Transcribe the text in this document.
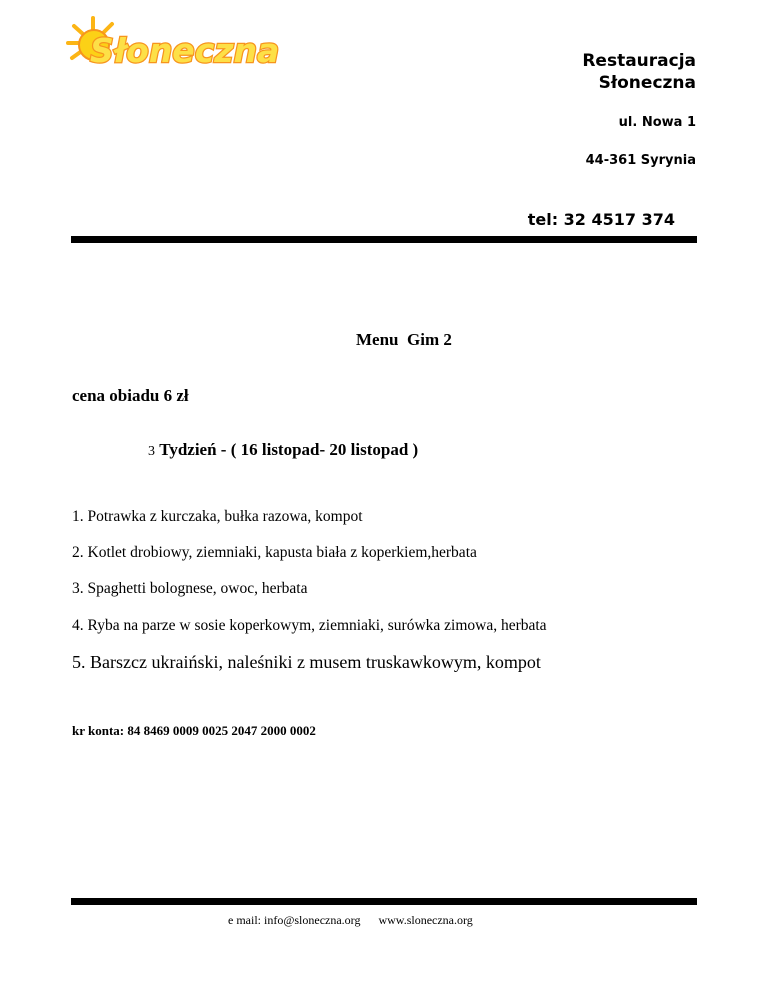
Słoneczna	Restauracja
Słoneczna
ul. Nowa 1
44-361 Syrynia
tel: 32 4517 374
Menu  Gim 2
cena obiadu 6 zł
3 Tydzień - ( 16 listopad- 20 listopad )
1. Potrawka z kurczaka, bułka razowa, kompot
2. Kotlet drobiowy, ziemniaki, kapusta biała z koperkiem,herbata
3. Spaghetti bolognese, owoc, herbata
4. Ryba na parze w sosie koperkowym, ziemniaki, surówka zimowa, herbata
5. Barszcz ukraiński, naleśniki z musem truskawkowym, kompot
kr konta: 84 8469 0009 0025 2047 2000 0002
e mail: info@sloneczna.org www.sloneczna.org
